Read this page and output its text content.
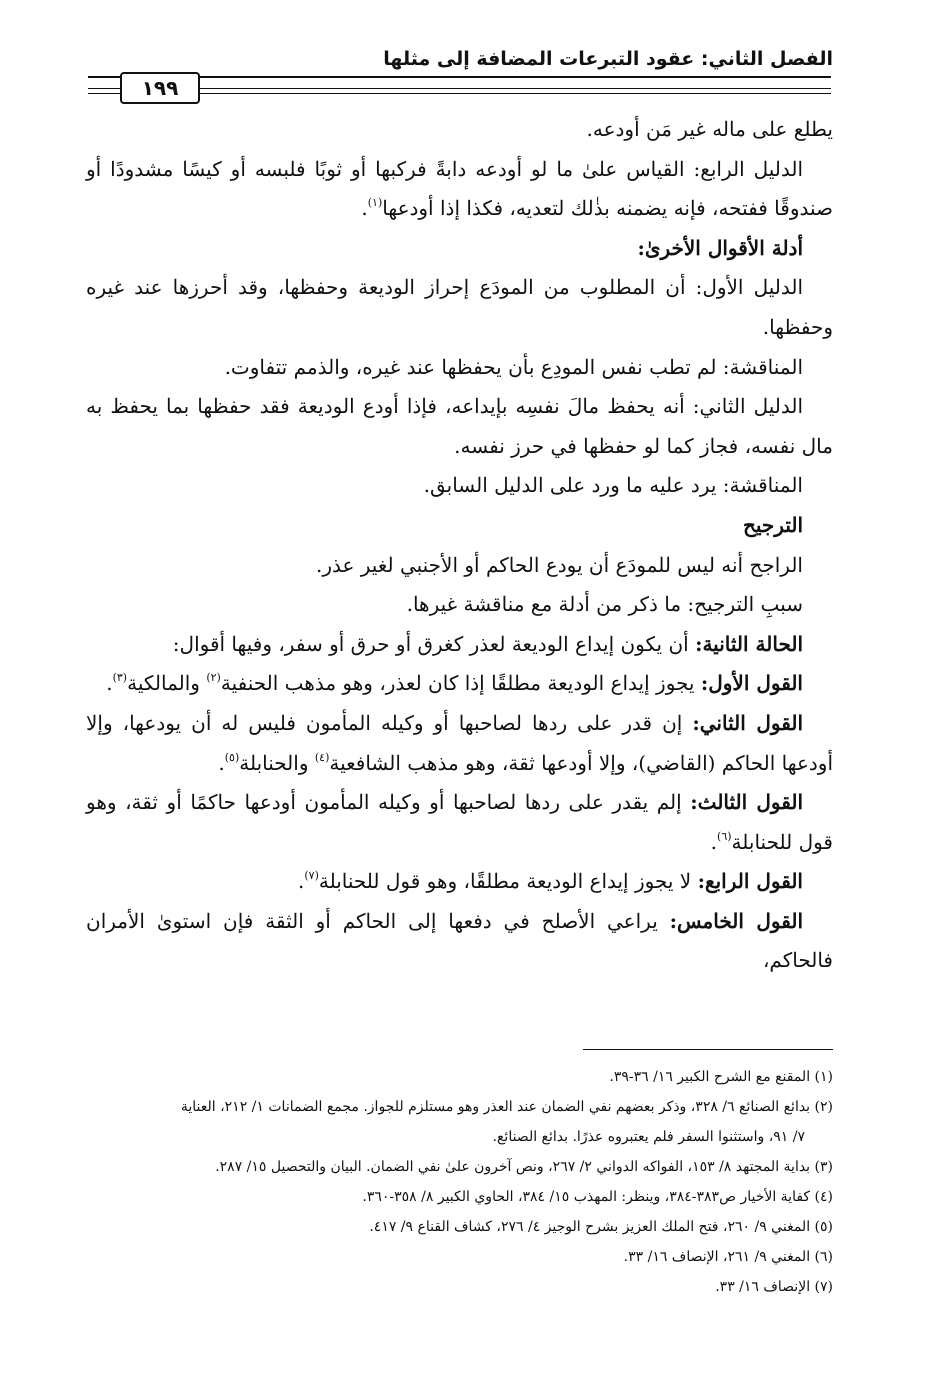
الفصل الثاني: عقود التبرعات المضافة إلى مثلها
١٩٩

يطلع على ماله غير مَن أودعه.

الدليل الرابع: القياس علىٰ ما لو أودعه دابةً فركبها أو ثوبًا فلبسه أو كيسًا مشدودًا أو صندوقًا ففتحه، فإنه يضمنه بذٰلك لتعديه، فكذا إذا أودعها$^{(١)}$.

أدلة الأقوال الأخرىٰ:

الدليل الأول: أن المطلوب من المودَع إحراز الوديعة وحفظها، وقد أحرزها عند غيره وحفظها.

المناقشة: لم تطب نفس المودِع بأن يحفظها عند غيره، والذمم تتفاوت.

الدليل الثاني: أنه يحفظ مالَ نفسِه بإيداعه، فإذا أودع الوديعة فقد حفظها بما يحفظ به مال نفسه، فجاز كما لو حفظها في حرز نفسه.

المناقشة: يرد عليه ما ورد على الدليل السابق.

الترجيح

الراجح أنه ليس للمودَع أن يودع الحاكم أو الأجنبي لغير عذر.

سببِ الترجيح: ما ذكر من أدلة مع مناقشة غيرها.

الحالة الثانية: أن يكون إيداع الوديعة لعذر كغرق أو حرق أو سفر، وفيها أقوال:

القول الأول: يجوز إيداع الوديعة مطلقًا إذا كان لعذر، وهو مذهب الحنفية$^{(٢)}$ والمالكية$^{(٣)}$.

القول الثاني: إن قدر على ردها لصاحبها أو وكيله المأمون فليس له أن يودعها، وإلا أودعها الحاكم (القاضي)، وإلا أودعها ثقة، وهو مذهب الشافعية$^{(٤)}$ والحنابلة$^{(٥)}$.

القول الثالث: إلم يقدر على ردها لصاحبها أو وكيله المأمون أودعها حاكمًا أو ثقة، وهو قول للحنابلة$^{(٦)}$.

القول الرابع: لا يجوز إيداع الوديعة مطلقًا، وهو قول للحنابلة$^{(٧)}$.

القول الخامس: يراعي الأصلح في دفعها إلى الحاكم أو الثقة فإن استوىٰ الأمران فالحاكم،

(١) المقنع مع الشرح الكبير ١٦/ ٣٦-٣٩.

(٢) بدائع الصنائع ٦/ ٣٢٨، وذكر بعضهم نفي الضمان عند العذر وهو مستلزم للجواز. مجمع الضمانات ١/ ٢١٢، العناية

٧/ ٩١، واستثنوا السفر فلم يعتبروه عذرًا. بدائع الصنائع.

(٣) بداية المجتهد ٨/ ١٥٣، الفواكه الدواني ٢/ ٢٦٧، ونص آخرون علىٰ نفي الضمان. البيان والتحصيل ١٥/ ٢٨٧.

(٤) كفاية الأخيار ص٣٨٣-٣٨٤، وينظر: المهذب ١٥/ ٣٨٤، الحاوي الكبير ٨/ ٣٥٨-٣٦٠.

(٥) المغني ٩/ ٢٦٠، فتح الملك العزيز بشرح الوجيز ٤/ ٢٧٦، كشاف القناع ٩/ ٤١٧.

(٦) المغني ٩/ ٢٦١، الإنصاف ١٦/ ٣٣.

(٧) الإنصاف ١٦/ ٣٣.
